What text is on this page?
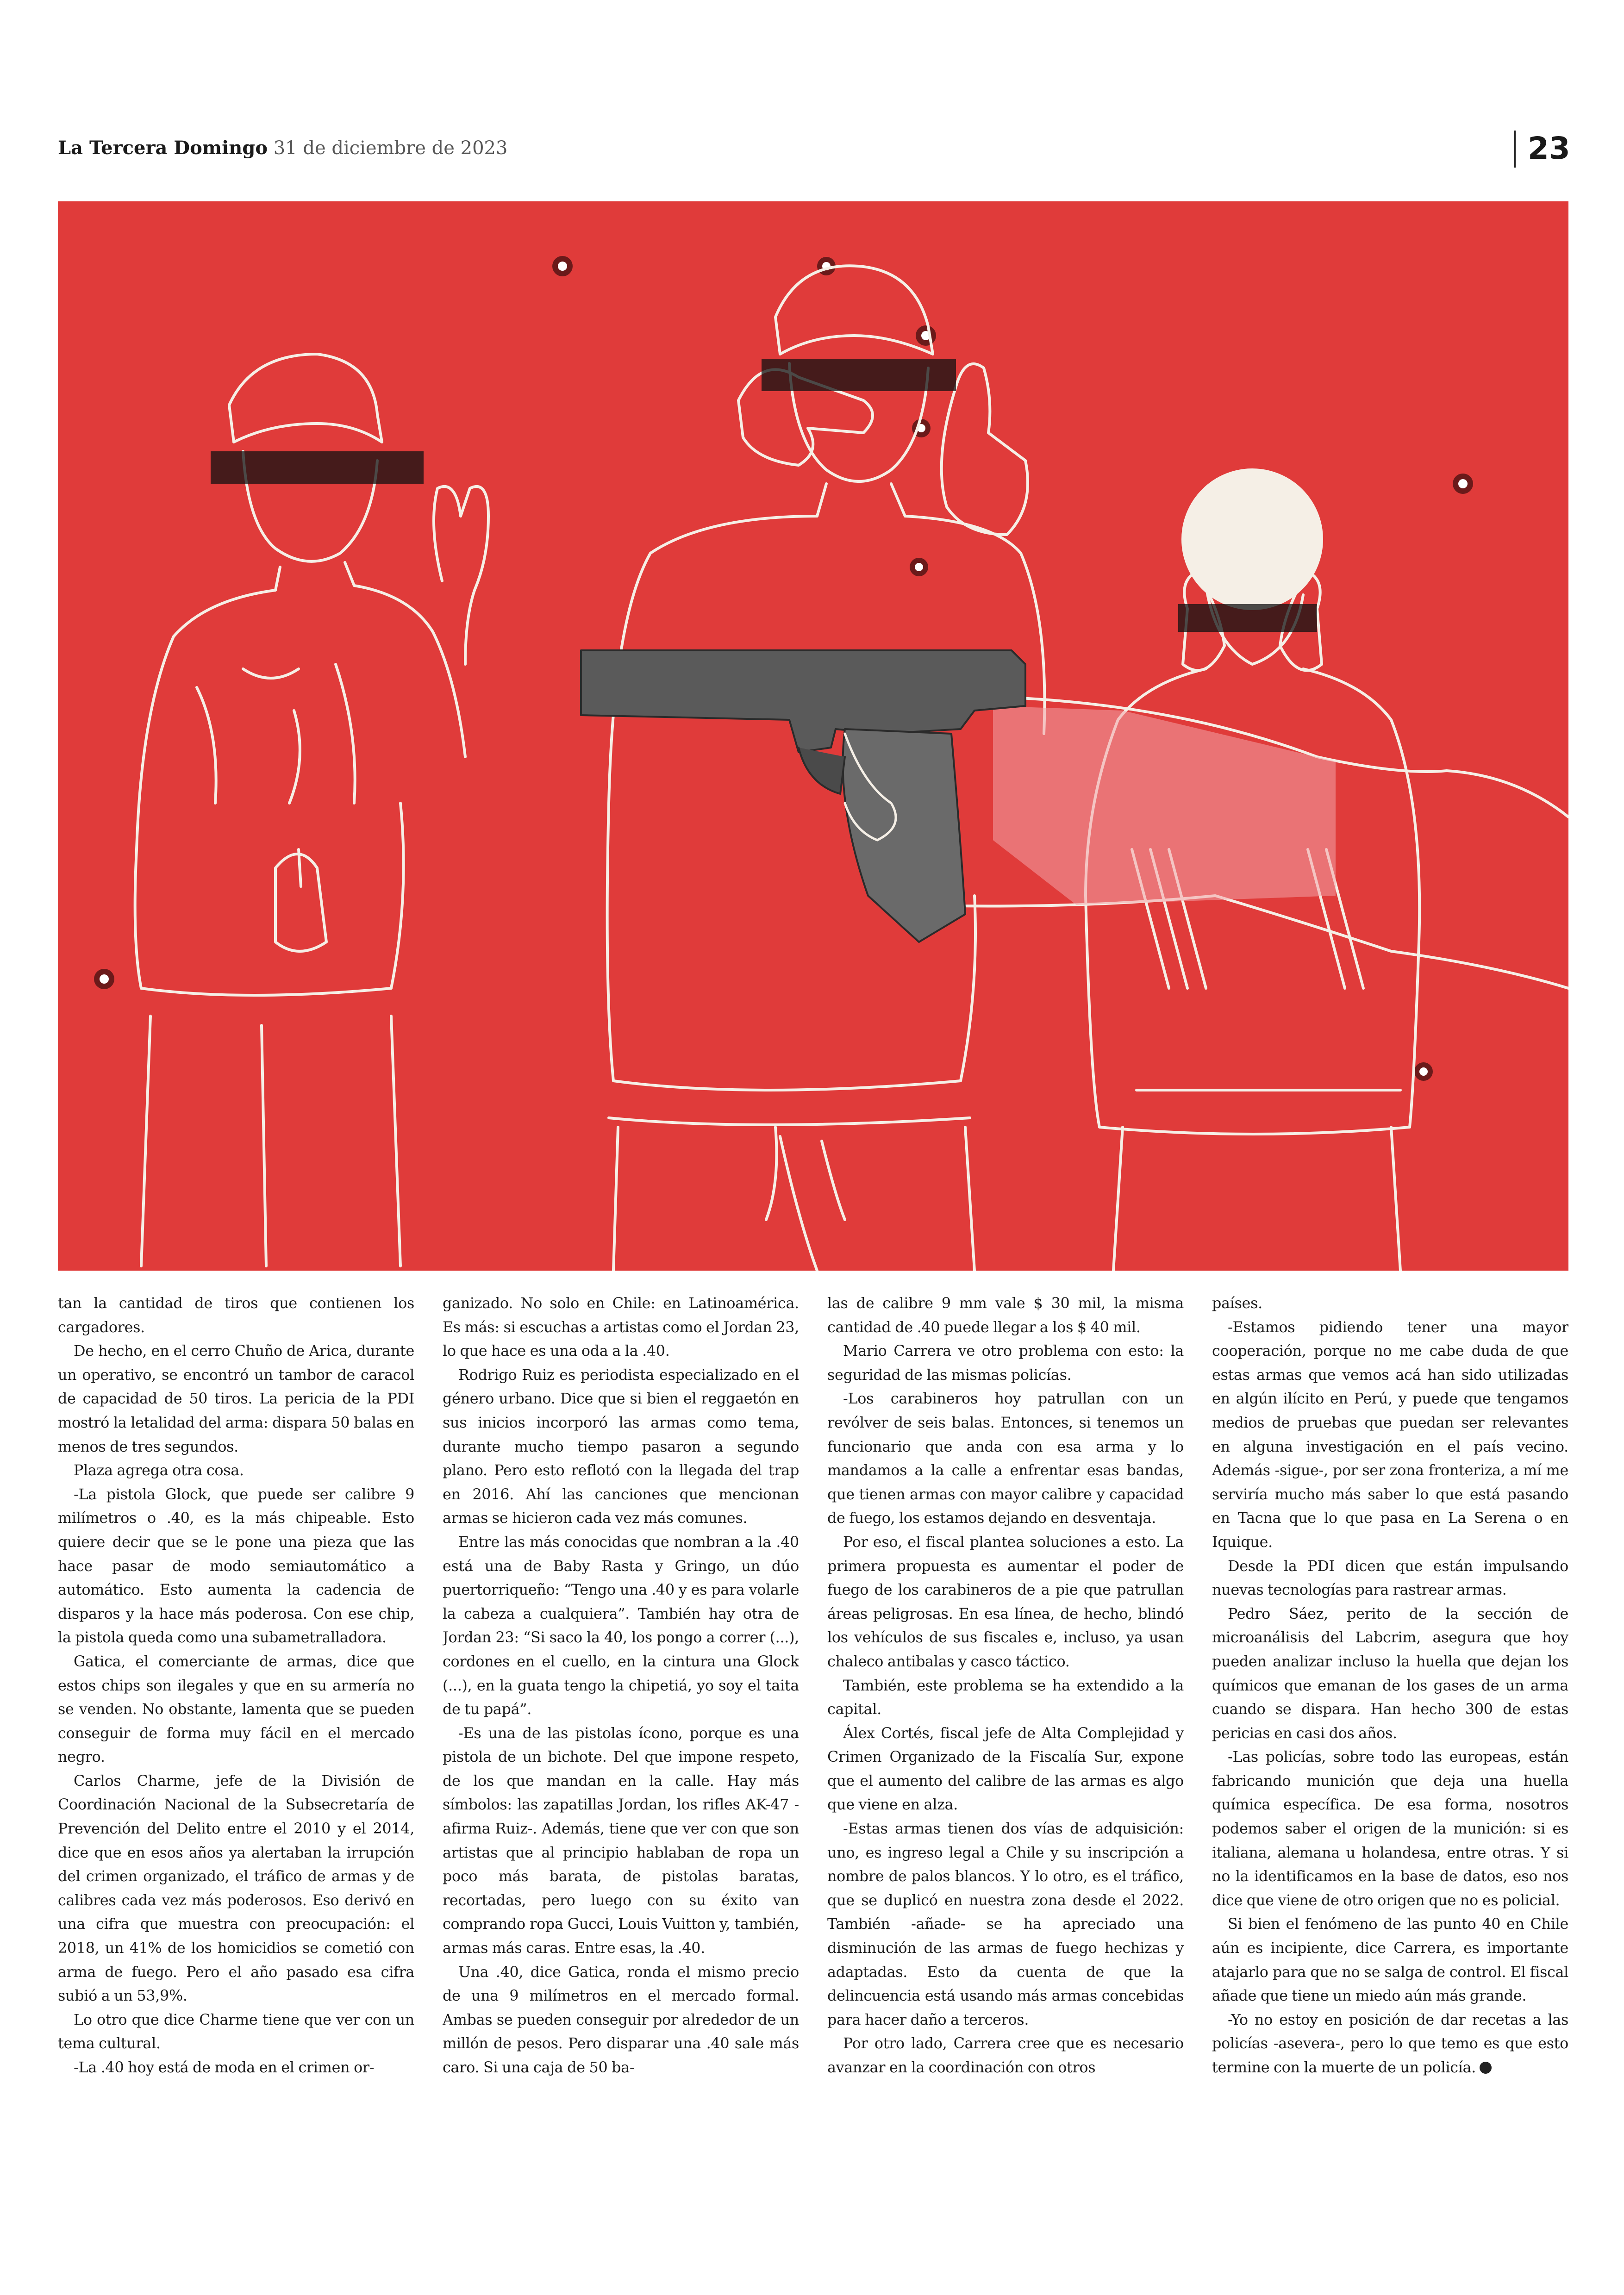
La Tercera Domingo 31 de diciembre de 2023	23

tan la cantidad de tiros que contienen los cargadores.

De hecho, en el cerro Chuño de Arica, durante un operativo, se encontró un tambor de caracol de capacidad de 50 tiros. La pericia de la PDI mostró la letalidad del arma: dispara 50 balas en menos de tres segundos.

Plaza agrega otra cosa.

-La pistola Glock, que puede ser calibre 9 milímetros o .40, es la más chipeable. Esto quiere decir que se le pone una pieza que las hace pasar de modo semiautomático a automático. Esto aumenta la cadencia de disparos y la hace más poderosa. Con ese chip, la pistola queda como una subametralladora.

Gatica, el comerciante de armas, dice que estos chips son ilegales y que en su armería no se venden. No obstante, lamenta que se pueden conseguir de forma muy fácil en el mercado negro.

Carlos Charme, jefe de la División de Coordinación Nacional de la Subsecretaría de Prevención del Delito entre el 2010 y el 2014, dice que en esos años ya alertaban la irrupción del crimen organizado, el tráfico de armas y de calibres cada vez más poderosos. Eso derivó en una cifra que muestra con preocupación: el 2018, un 41% de los homicidios se cometió con arma de fuego. Pero el año pasado esa cifra subió a un 53,9%.

Lo otro que dice Charme tiene que ver con un tema cultural.

-La .40 hoy está de moda en el crimen or-

ganizado. No solo en Chile: en Latinoamérica. Es más: si escuchas a artistas como el Jordan 23, lo que hace es una oda a la .40.

Rodrigo Ruiz es periodista especializado en el género urbano. Dice que si bien el reggaetón en sus inicios incorporó las armas como tema, durante mucho tiempo pasaron a segundo plano. Pero esto reflotó con la llegada del trap en 2016. Ahí las canciones que mencionan armas se hicieron cada vez más comunes.

Entre las más conocidas que nombran a la .40 está una de Baby Rasta y Gringo, un dúo puertorriqueño: “Tengo una .40 y es para volarle la cabeza a cualquiera”. También hay otra de Jordan 23: “Si saco la 40, los pongo a correr (...), cordones en el cuello, en la cintura una Glock (...), en la guata tengo la chipetiá, yo soy el taita de tu papá”.

-Es una de las pistolas ícono, porque es una pistola de un bichote. Del que impone respeto, de los que mandan en la calle. Hay más símbolos: las zapatillas Jordan, los rifles AK-47 -afirma Ruiz-. Además, tiene que ver con que son artistas que al principio hablaban de ropa un poco más barata, de pistolas baratas, recortadas, pero luego con su éxito van comprando ropa Gucci, Louis Vuitton y, también, armas más caras. Entre esas, la .40.

Una .40, dice Gatica, ronda el mismo precio de una 9 milímetros en el mercado formal. Ambas se pueden conseguir por alrededor de un millón de pesos. Pero disparar una .40 sale más caro. Si una caja de 50 ba-

las de calibre 9 mm vale $ 30 mil, la misma cantidad de .40 puede llegar a los $ 40 mil.

Mario Carrera ve otro problema con esto: la seguridad de las mismas policías.

-Los carabineros hoy patrullan con un revólver de seis balas. Entonces, si tenemos un funcionario que anda con esa arma y lo mandamos a la calle a enfrentar esas bandas, que tienen armas con mayor calibre y capacidad de fuego, los estamos dejando en desventaja.

Por eso, el fiscal plantea soluciones a esto. La primera propuesta es aumentar el poder de fuego de los carabineros de a pie que patrullan áreas peligrosas. En esa línea, de hecho, blindó los vehículos de sus fiscales e, incluso, ya usan chaleco antibalas y casco táctico.

También, este problema se ha extendido a la capital.

Álex Cortés, fiscal jefe de Alta Complejidad y Crimen Organizado de la Fiscalía Sur, expone que el aumento del calibre de las armas es algo que viene en alza.

-Estas armas tienen dos vías de adquisición: uno, es ingreso legal a Chile y su inscripción a nombre de palos blancos. Y lo otro, es el tráfico, que se duplicó en nuestra zona desde el 2022. También -añade- se ha apreciado una disminución de las armas de fuego hechizas y adaptadas. Esto da cuenta de que la delincuencia está usando más armas concebidas para hacer daño a terceros.

Por otro lado, Carrera cree que es necesario avanzar en la coordinación con otros

países.

-Estamos pidiendo tener una mayor cooperación, porque no me cabe duda de que estas armas que vemos acá han sido utilizadas en algún ilícito en Perú, y puede que tengamos medios de pruebas que puedan ser relevantes en alguna investigación en el país vecino. Además -sigue-, por ser zona fronteriza, a mí me serviría mucho más saber lo que está pasando en Tacna que lo que pasa en La Serena o en Iquique.

Desde la PDI dicen que están impulsando nuevas tecnologías para rastrear armas.

Pedro Sáez, perito de la sección de microanálisis del Labcrim, asegura que hoy pueden analizar incluso la huella que dejan los químicos que emanan de los gases de un arma cuando se dispara. Han hecho 300 de estas pericias en casi dos años.

-Las policías, sobre todo las europeas, están fabricando munición que deja una huella química específica. De esa forma, nosotros podemos saber el origen de la munición: si es italiana, alemana u holandesa, entre otras. Y si no la identificamos en la base de datos, eso nos dice que viene de otro origen que no es policial.

Si bien el fenómeno de las punto 40 en Chile aún es incipiente, dice Carrera, es importante atajarlo para que no se salga de control. El fiscal añade que tiene un miedo aún más grande.

-Yo no estoy en posición de dar recetas a las policías -asevera-, pero lo que temo es que esto termine con la muerte de un policía.
